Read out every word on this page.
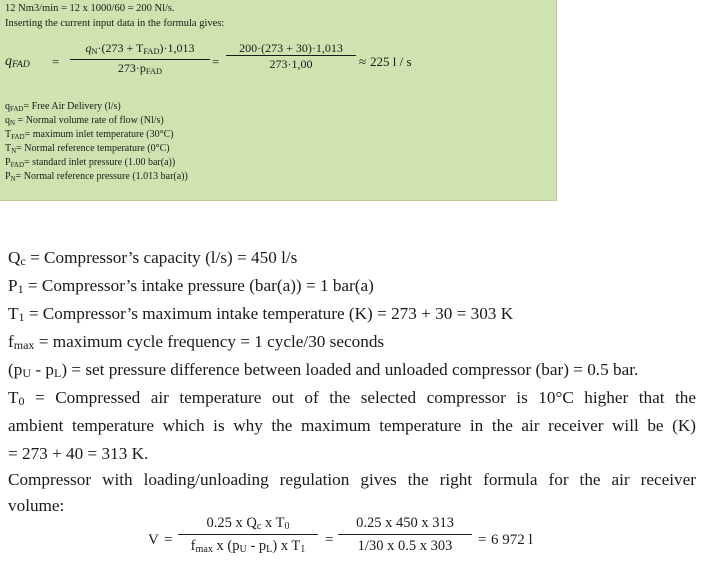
12 Nm3/min = 12 x 1000/60 = 200 Nl/s.
Inserting the current input data in the formula gives:
$q_{FAD}$ =
$q_N\cdot(273 + T_{FAD})\cdot 1,013$
$273\cdot p_{FAD}$
= $\frac{200\cdot(273 + 30)\cdot 1,013}{273\cdot 1,00} \approx 225$ l / s
$q_{FAD}=$ Free Air Delivery (l/s)
$q_N$ = Normal volume rate of flow (Nl/s)
$T_{FAD}=$ maximum inlet temperature (30°C)
$T_N=$ Normal reference temperature (0°C)
$P_{FAD}=$ standard inlet pressure (1.00 bar(a))
$P_N=$ Normal reference pressure (1.013 bar(a))
$Q_c$ = Compressor’s capacity (l/s) = 450 l/s
$P_1$ = Compressor’s intake pressure (bar(a)) = 1 bar(a)
$T_1$ = Compressor’s maximum intake temperature (K) = 273 + 30 = 303 K
$f_{max}$ = maximum cycle frequency = 1 cycle/30 seconds
$(p_U - p_L)$ = set pressure difference between loaded and unloaded compressor (bar) = 0.5 bar.
$T_0$ = Compressed air temperature out of the selected compressor is 10°C higher that the
ambient temperature which is why the maximum temperature in the air receiver will be (K)
= 273 + 40 = 313 K.
Compressor with loading/unloading regulation gives the right formula for the air receiver
volume:
V =
0.25 x $Q_c$ x $T_0$
$f_{max}$ x $(p_U - p_L)$ x $T_1$
= $\frac{0.25 x 450 x 313}{1/30 x 0.5 x 303} = 6$ 972 l
